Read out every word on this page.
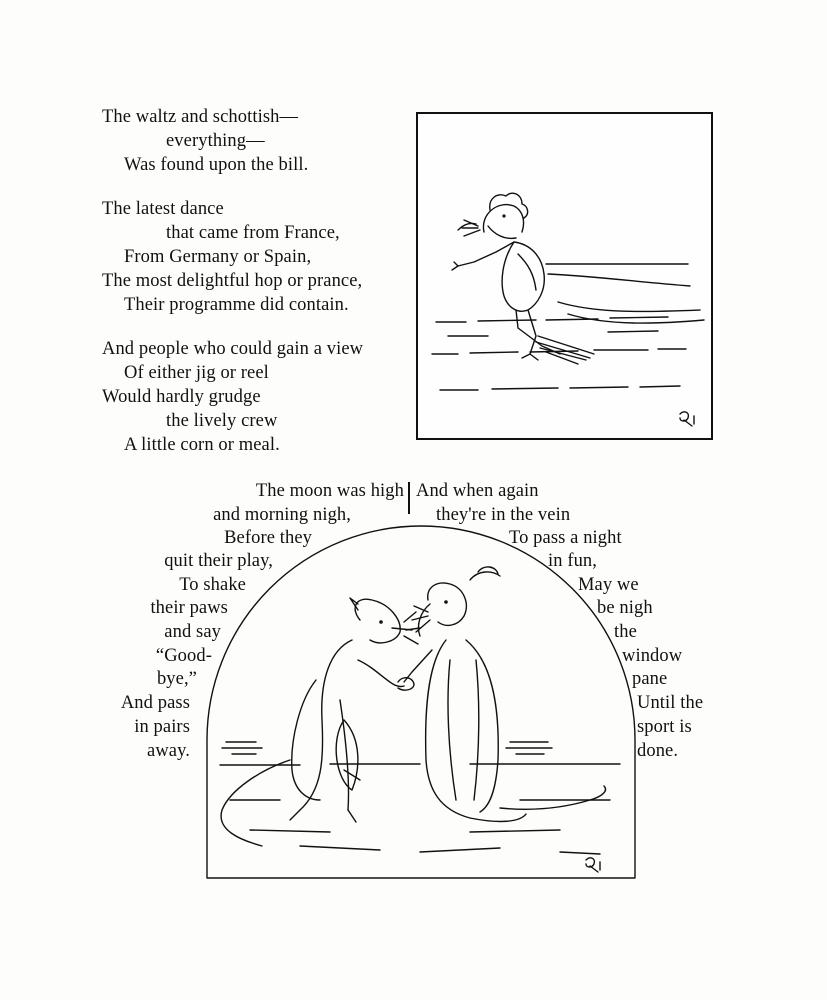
The waltz and schottish—
everything—
Was found upon the bill.
The latest dance
that came from France,
From Germany or Spain,
The most delightful hop or prance,
Their programme did contain.
And people who could gain a view
Of either jig or reel
Would hardly grudge
the lively crew
A little corn or meal.
The moon was high
and morning nigh,
Before they
quit their play,
To shake
their paws
and say
“Good-
bye,”
And pass
in pairs
away.
And when again
they're in the vein
To pass a night
in fun,
May we
be nigh
the
window
pane
Until the
sport is
done.
